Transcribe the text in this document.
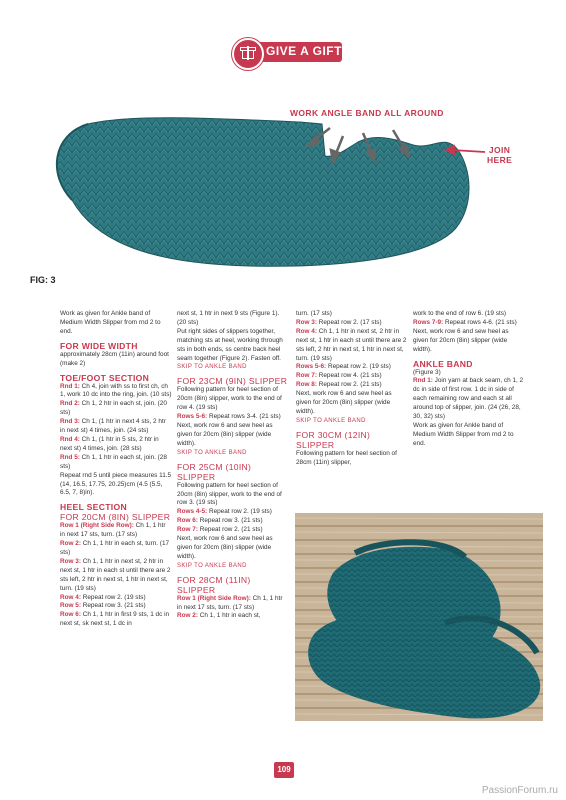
GIVE A GIFT
WORK ANGLE BAND ALL AROUND
JOIN
HERE
FIG: 3

Work as given for Ankle band of Medium Width Slipper from rnd 2 to end.

FOR WIDE WIDTH

approximately 28cm (11in) around foot (make 2)

TOE/FOOT SECTION

Rnd 1: Ch 4, join with ss to first ch, ch 1, work 10 dc into the ring, join. (10 sts)

Rnd 2: Ch 1, 2 htr in each st, join. (20 sts)

Rnd 3: Ch 1, (1 htr in next 4 sts, 2 htr in next st) 4 times, join. (24 sts)

Rnd 4: Ch 1, (1 htr in 5 sts, 2 htr in next st) 4 times, join. (28 sts)

Rnd 5: Ch 1, 1 htr in each st, join. (28 sts)

Repeat rnd 5 until piece measures 11.5 (14, 16.5, 17.75, 20.25)cm (4.5 (5.5, 6.5, 7, 8)in).

HEEL SECTION
FOR 20CM (8IN) SLIPPER

Row 1 (Right Side Row): Ch 1, 1 htr in next 17 sts, turn. (17 sts)

Row 2: Ch 1, 1 htr in each st, turn. (17 sts)

Row 3: Ch 1, 1 htr in next st, 2 htr in next st, 1 htr in each st until there are 2 sts left, 2 htr in next st, 1 htr in next st, turn. (19 sts)

Row 4: Repeat row 2. (19 sts)

Row 5: Repeat row 3. (21 sts)

Row 6: Ch 1, 1 htr in first 9 sts, 1 dc in next st, sk next st, 1 dc in

next st, 1 htr in next 9 sts (Figure 1). (20 sts)

Put right sides of slippers together, matching sts at heel, working through sts in both ends, ss centre back heel seam together (Figure 2). Fasten off.

SKIP TO ANKLE BAND
FOR 23CM (9IN) SLIPPER

Following pattern for heel section of 20cm (8in) slipper, work to the end of row 4. (19 sts)

Rows 5-6: Repeat rows 3-4. (21 sts)

Next, work row 6 and sew heel as given for 20cm (8in) slipper (wide width).

SKIP TO ANKLE BAND
FOR 25CM (10IN) SLIPPER

Following pattern for heel section of 20cm (8in) slipper, work to the end of row 3. (19 sts)

Rows 4-5: Repeat row 2. (19 sts)

Row 6: Repeat row 3. (21 sts)

Row 7: Repeat row 2. (21 sts)

Next, work row 6 and sew heel as given for 20cm (8in) slipper (wide width).

SKIP TO ANKLE BAND
FOR 28CM (11IN) SLIPPER

Row 1 (Right Side Row): Ch 1, 1 htr in next 17 sts, turn. (17 sts)

Row 2: Ch 1, 1 htr in each st,

turn. (17 sts)

Row 3: Repeat row 2. (17 sts)

Row 4: Ch 1, 1 htr in next st, 2 htr in next st, 1 htr in each st until there are 2 sts left, 2 htr in next st, 1 htr in next st, turn. (19 sts)

Rows 5-6: Repeat row 2. (19 sts)

Row 7: Repeat row 4. (21 sts)

Row 8: Repeat row 2. (21 sts)

Next, work row 6 and sew heel as given for 20cm (8in) slipper (wide width).

SKIP TO ANKLE BAND
FOR 30CM (12IN) SLIPPER

Following pattern for heel section of 28cm (11in) slipper,

work to the end of row 6. (19 sts)

Rows 7-9: Repeat rows 4-6. (21 sts)

Next, work row 6 and sew heel as given for 20cm (8in) slipper (wide width).

ANKLE BAND

(Figure 3)

Rnd 1: Join yarn at back seam, ch 1, 2 dc in side of first row. 1 dc in side of each remaining row and each st all around top of slipper, join. (24 (26, 28, 30, 32) sts)

Work as given for Ankle band of Medium Width Slipper from rnd 2 to end.

109
PassionForum.ru
